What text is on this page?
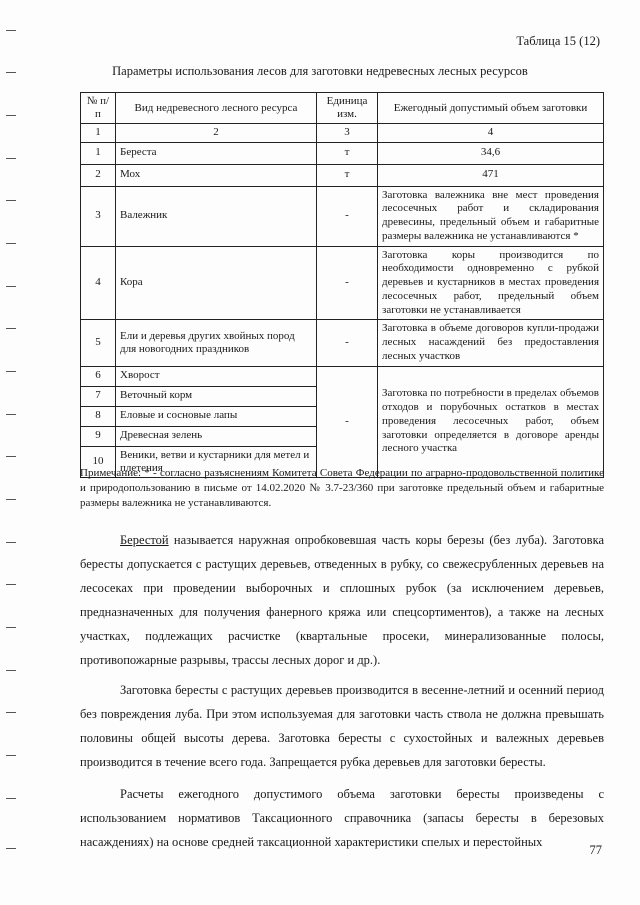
Таблица 15 (12)
Параметры использования лесов для заготовки недревесных лесных ресурсов
№ п/п	Вид недревесного лесного ресурса	Единица изм.	Ежегодный допустимый объем заготовки
1	2	3	4
1	Береста	т	34,6
2	Мох	т	471
3	Валежник	-	Заготовка валежника вне мест проведения лесосечных работ и складирования древесины, предельный объем и габаритные размеры валежника не устанавливаются *
4	Кора	-	Заготовка коры производится по необходимости одновременно с рубкой деревьев и кустарников в местах проведения лесосечных работ, предельный объем заготовки не устанавливается
5	Ели и деревья других хвойных пород для новогодних праздников	-	Заготовка в объеме договоров купли-продажи лесных насаждений без предоставления лесных участков
6	Хворост	-	Заготовка по потребности в пределах объемов отходов и порубочных остатков в местах проведения лесосечных работ, объем заготовки определяется в договоре аренды лесного участка
7	Веточный корм		
8	Еловые и сосновые лапы		
9	Древесная зелень		
10	Веники, ветви и кустарники для метел и плетения		
Примечание: * - согласно разъяснениям Комитета Совета Федерации по аграрно-продовольственной политике и природопользованию в письме от 14.02.2020 № 3.7-23/360 при заготовке предельный объем и габаритные размеры валежника не устанавливаются.

Берестой называется наружная опробковевшая часть коры березы (без луба). Заготовка бересты допускается с растущих деревьев, отведенных в рубку, со свежесрубленных деревьев на лесосеках при проведении выборочных и сплошных рубок (за исключением деревьев, предназначенных для получения фанерного кряжа или спецсортиментов), а также на лесных участках, подлежащих расчистке (квартальные просеки, минерализованные полосы, противопожарные разрывы, трассы лесных дорог и др.).

Заготовка бересты с растущих деревьев производится в весенне-летний и осенний период без повреждения луба. При этом используемая для заготовки часть ствола не должна превышать половины общей высоты дерева. Заготовка бересты с сухостойных и валежных деревьев производится в течение всего года. Запрещается рубка деревьев для заготовки бересты.

Расчеты ежегодного допустимого объема заготовки бересты произведены с использованием нормативов Таксационного справочника (запасы бересты в березовых насаждениях) на основе средней таксационной характеристики спелых и перестойных

77
